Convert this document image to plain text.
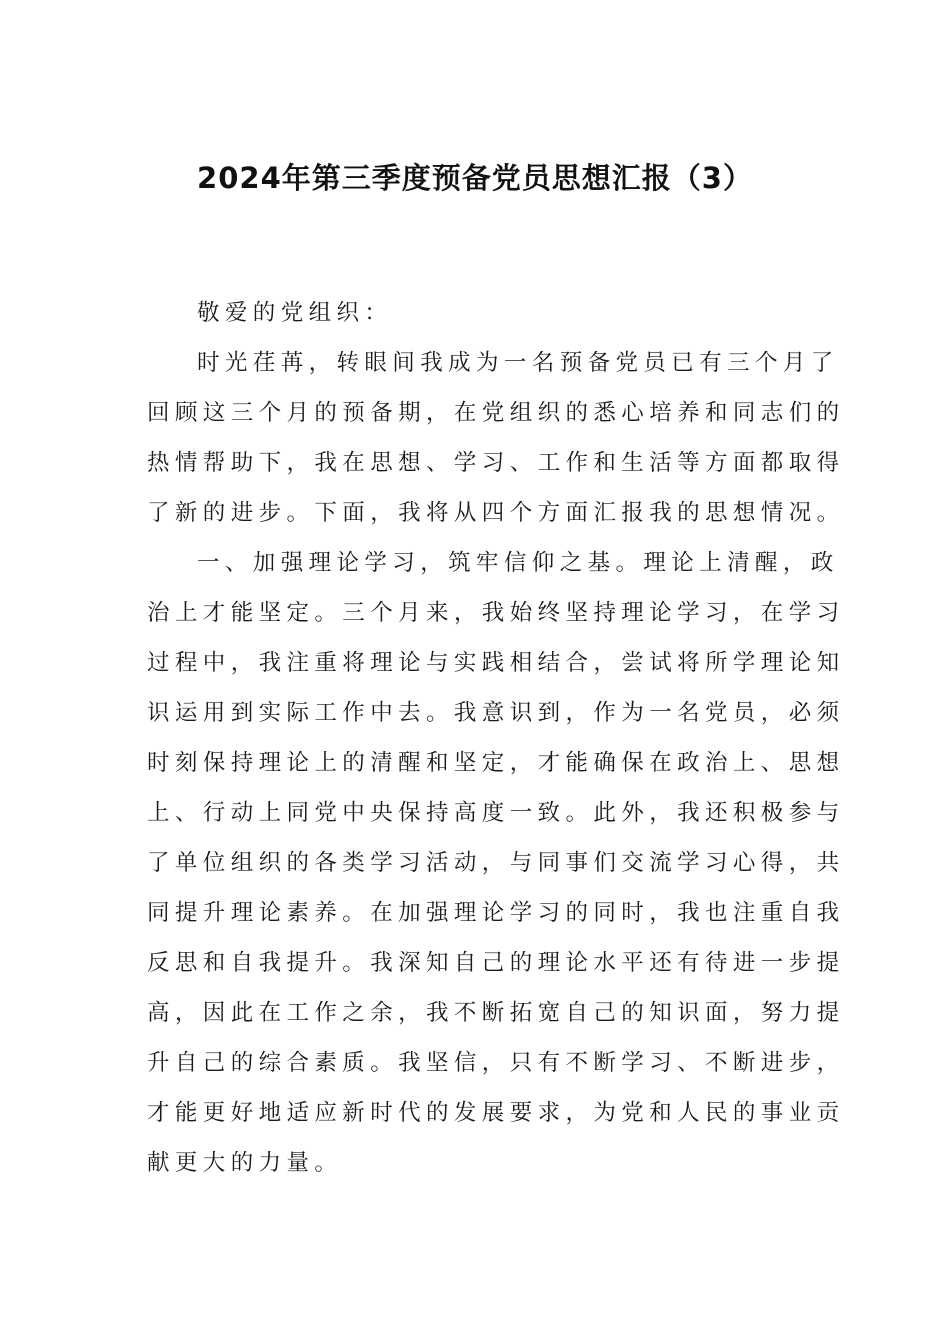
2024年第三季度预备党员思想汇报（3）
敬爱的党组织：
时光荏苒，转眼间我成为一名预备党员已有三个月了
回顾这三个月的预备期，在党组织的悉心培养和同志们的
热情帮助下，我在思想、学习、工作和生活等方面都取得
了新的进步。下面，我将从四个方面汇报我的思想情况。
一、加强理论学习，筑牢信仰之基。理论上清醒，政
治上才能坚定。三个月来，我始终坚持理论学习，在学习
过程中，我注重将理论与实践相结合，尝试将所学理论知
识运用到实际工作中去。我意识到，作为一名党员，必须
时刻保持理论上的清醒和坚定，才能确保在政治上、思想
上、行动上同党中央保持高度一致。此外，我还积极参与
了单位组织的各类学习活动，与同事们交流学习心得，共
同提升理论素养。在加强理论学习的同时，我也注重自我
反思和自我提升。我深知自己的理论水平还有待进一步提
高，因此在工作之余，我不断拓宽自己的知识面，努力提
升自己的综合素质。我坚信，只有不断学习、不断进步，
才能更好地适应新时代的发展要求，为党和人民的事业贡
献更大的力量。
